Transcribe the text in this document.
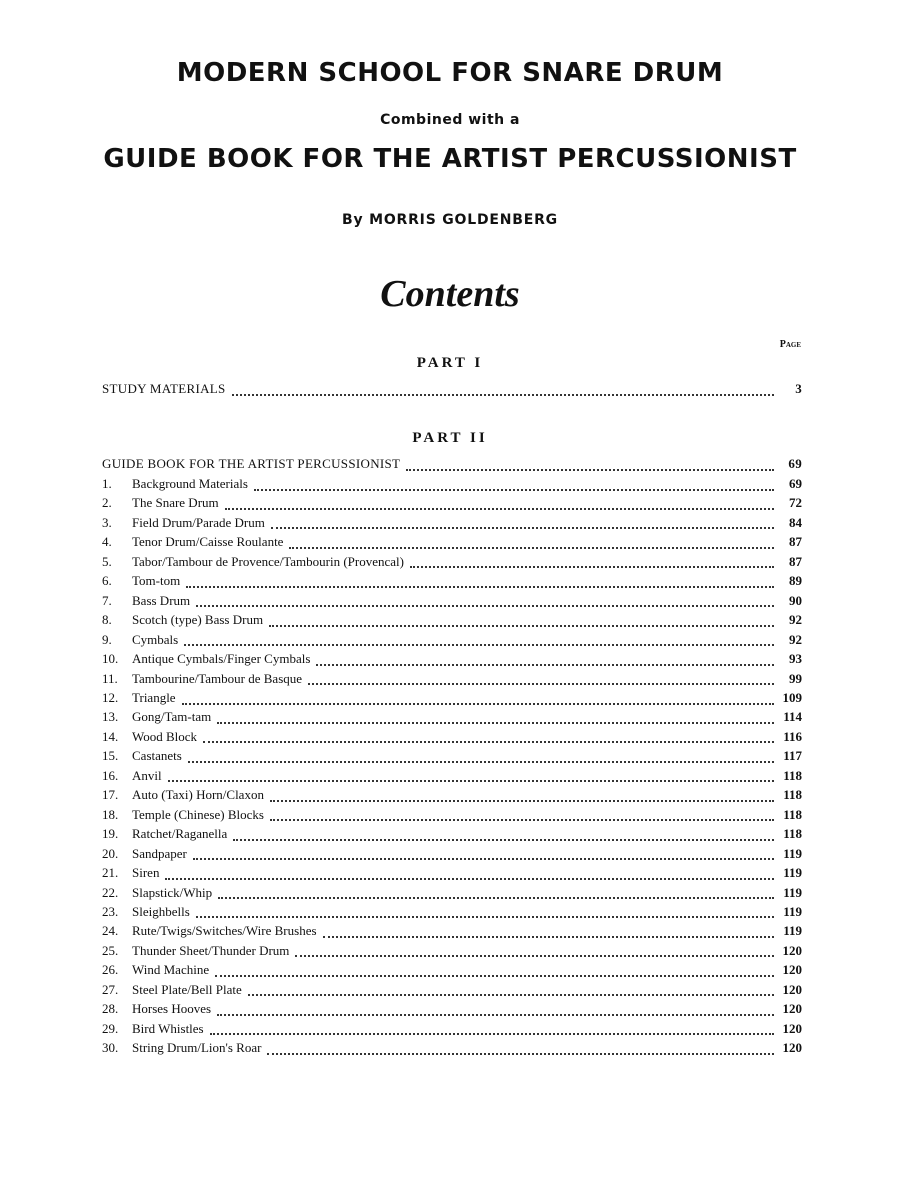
MODERN SCHOOL FOR SNARE DRUM
Combined with a
GUIDE BOOK FOR THE ARTIST PERCUSSIONIST
By MORRIS GOLDENBERG
Contents
Page
PART I
STUDY MATERIALS	3
PART II
GUIDE BOOK FOR THE ARTIST PERCUSSIONIST	69
1.	Background Materials	69
2.	The Snare Drum	72
3.	Field Drum/Parade Drum	84
4.	Tenor Drum/Caisse Roulante	87
5.	Tabor/Tambour de Provence/Tambourin (Provencal)	87
6.	Tom-tom	89
7.	Bass Drum	90
8.	Scotch (type) Bass Drum	92
9.	Cymbals	92
10.	Antique Cymbals/Finger Cymbals	93
11.	Tambourine/Tambour de Basque	99
12.	Triangle	109
13.	Gong/Tam-tam	114
14.	Wood Block	116
15.	Castanets	117
16.	Anvil	118
17.	Auto (Taxi) Horn/Claxon	118
18.	Temple (Chinese) Blocks	118
19.	Ratchet/Raganella	118
20.	Sandpaper	119
21.	Siren	119
22.	Slapstick/Whip	119
23.	Sleighbells	119
24.	Rute/Twigs/Switches/Wire Brushes	119
25.	Thunder Sheet/Thunder Drum	120
26.	Wind Machine	120
27.	Steel Plate/Bell Plate	120
28.	Horses Hooves	120
29.	Bird Whistles	120
30.	String Drum/Lion's Roar	120
